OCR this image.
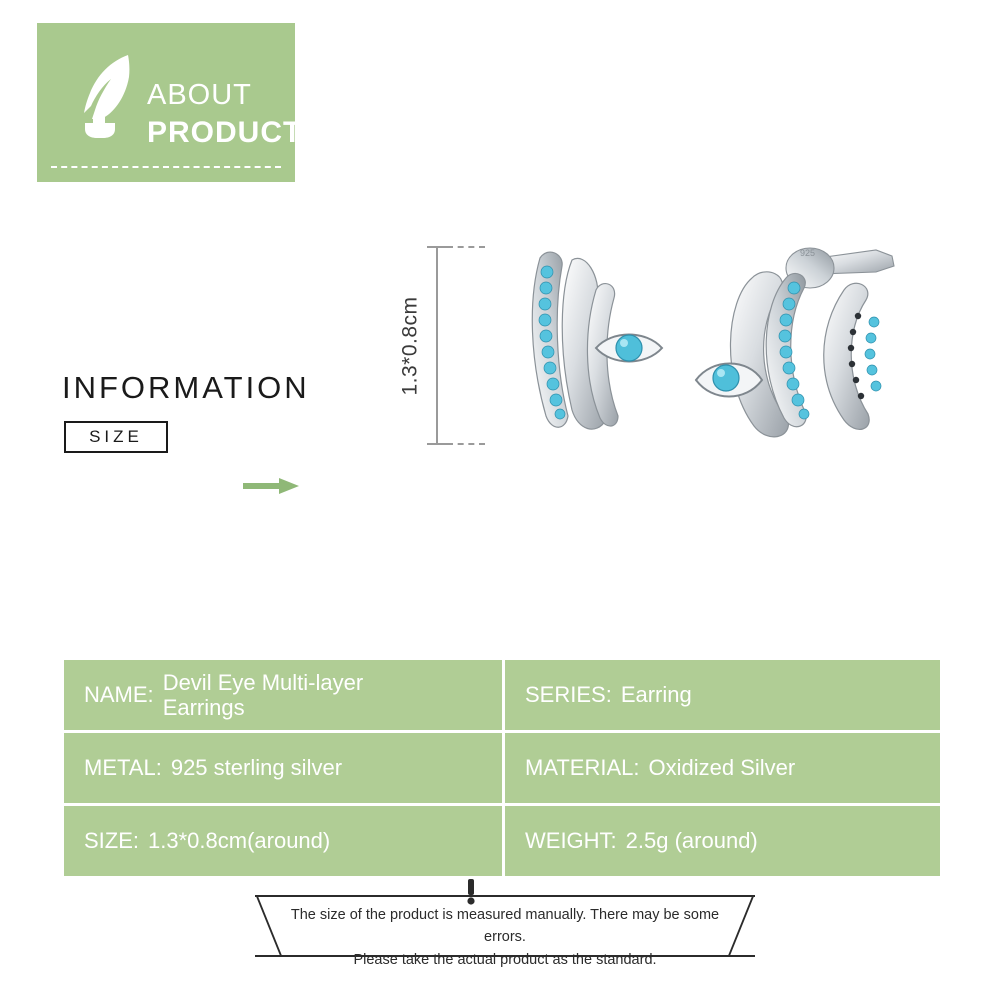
ABOUT
PRODUCT
INFORMATION
SIZE
1.3*0.8cm
925
NAME: Devil Eye Multi-layer Earrings
SERIES: Earring
METAL: 925 sterling silver	MATERIAL: Oxidized Silver
SIZE: 1.3*0.8cm(around)	WEIGHT: 2.5g (around)
The size of the product is measured manually. There may be some errors.
Please take the actual product as the standard.
